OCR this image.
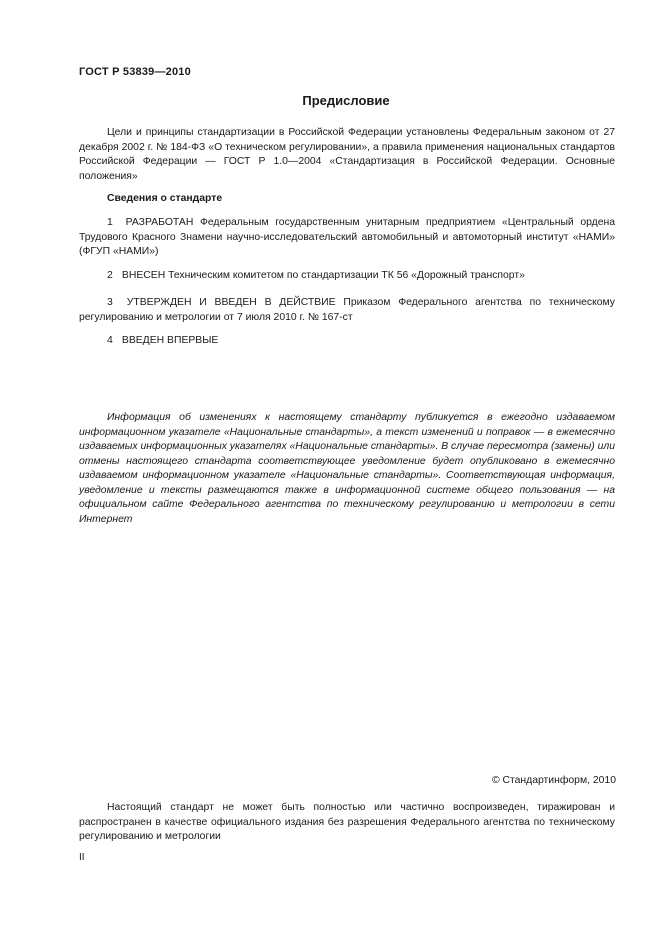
ГОСТ Р 53839—2010
Предисловие

Цели и принципы стандартизации в Российской Федерации установлены Федеральным законом от 27 декабря 2002 г. № 184-ФЗ «О техническом регулировании», а правила применения национальных стандартов Российской Федерации — ГОСТ Р 1.0—2004 «Стандартизация в Российской Федерации. Основные положения»

Сведения о стандарте

1 РАЗРАБОТАН Федеральным государственным унитарным предприятием «Центральный ордена Трудового Красного Знамени научно-исследовательский автомобильный и автомоторный институт «НАМИ» (ФГУП «НАМИ»)

2 ВНЕСЕН Техническим комитетом по стандартизации ТК 56 «Дорожный транспорт»

3 УТВЕРЖДЕН И ВВЕДЕН В ДЕЙСТВИЕ Приказом Федерального агентства по техническому регулированию и метрологии от 7 июля 2010 г. № 167-ст

4 ВВЕДЕН ВПЕРВЫЕ

Информация об изменениях к настоящему стандарту публикуется в ежегодно издаваемом информационном указателе «Национальные стандарты», а текст изменений и поправок — в ежемесячно издаваемых информационных указателях «Национальные стандарты». В случае пересмотра (замены) или отмены настоящего стандарта соответствующее уведомление будет опубликовано в ежемесячно издаваемом информационном указателе «Национальные стандарты». Соответствующая информация, уведомление и тексты размещаются также в информационной системе общего пользования — на официальном сайте Федерального агентства по техническому регулированию и метрологии в сети Интернет

© Стандартинформ, 2010

Настоящий стандарт не может быть полностью или частично воспроизведен, тиражирован и распространен в качестве официального издания без разрешения Федерального агентства по техническому регулированию и метрологии

II
